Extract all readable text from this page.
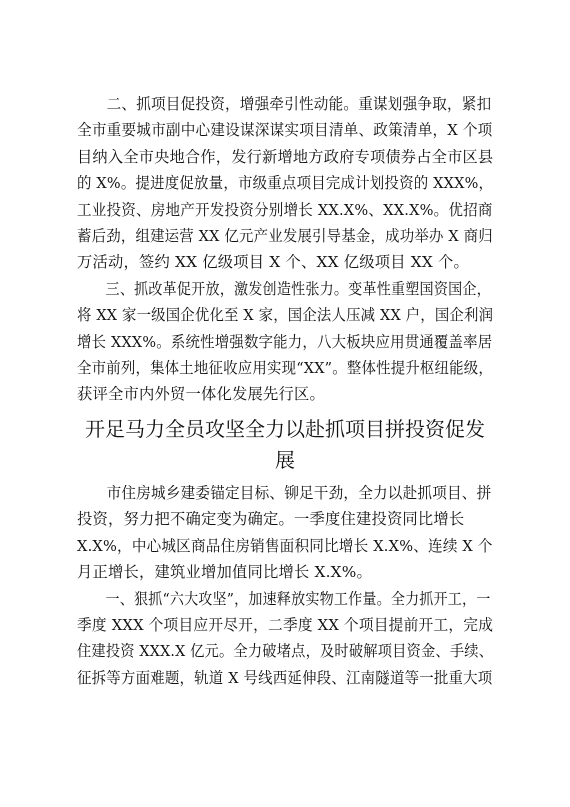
二、抓项目促投资，增强牵引性动能。重谋划强争取，紧扣
全市重要城市副中心建设谋深谋实项目清单、政策清单，X 个项
目纳入全市央地合作，发行新增地方政府专项债券占全市区县
的 X%。提进度促放量，市级重点项目完成计划投资的 XXX%，
工业投资、房地产开发投资分别增长 XX.X%、XX.X%。优招商
蓄后劲，组建运营 XX 亿元产业发展引导基金，成功举办 X 商归
万活动，签约 XX 亿级项目 X 个、XX 亿级项目 XX 个。

三、抓改革促开放，激发创造性张力。变革性重塑国资国企，
将 XX 家一级国企优化至 X 家，国企法人压减 XX 户，国企利润
增长 XXX%。系统性增强数字能力，八大板块应用贯通覆盖率居
全市前列，集体土地征收应用实现“XX”。整体性提升枢纽能级，
获评全市内外贸一体化发展先行区。

开足马力全员攻坚全力以赴抓项目拼投资促发
展

市住房城乡建委锚定目标、铆足干劲，全力以赴抓项目、拼
投资，努力把不确定变为确定。一季度住建投资同比增长
X.X%，中心城区商品住房销售面积同比增长 X.X%、连续 X 个
月正增长，建筑业增加值同比增长 X.X%。

一、狠抓“六大攻坚”，加速释放实物工作量。全力抓开工，一
季度 XXX 个项目应开尽开，二季度 XX 个项目提前开工，完成
住建投资 XXX.X 亿元。全力破堵点，及时破解项目资金、手续、
征拆等方面难题，轨道 X 号线西延伸段、江南隧道等一批重大项
